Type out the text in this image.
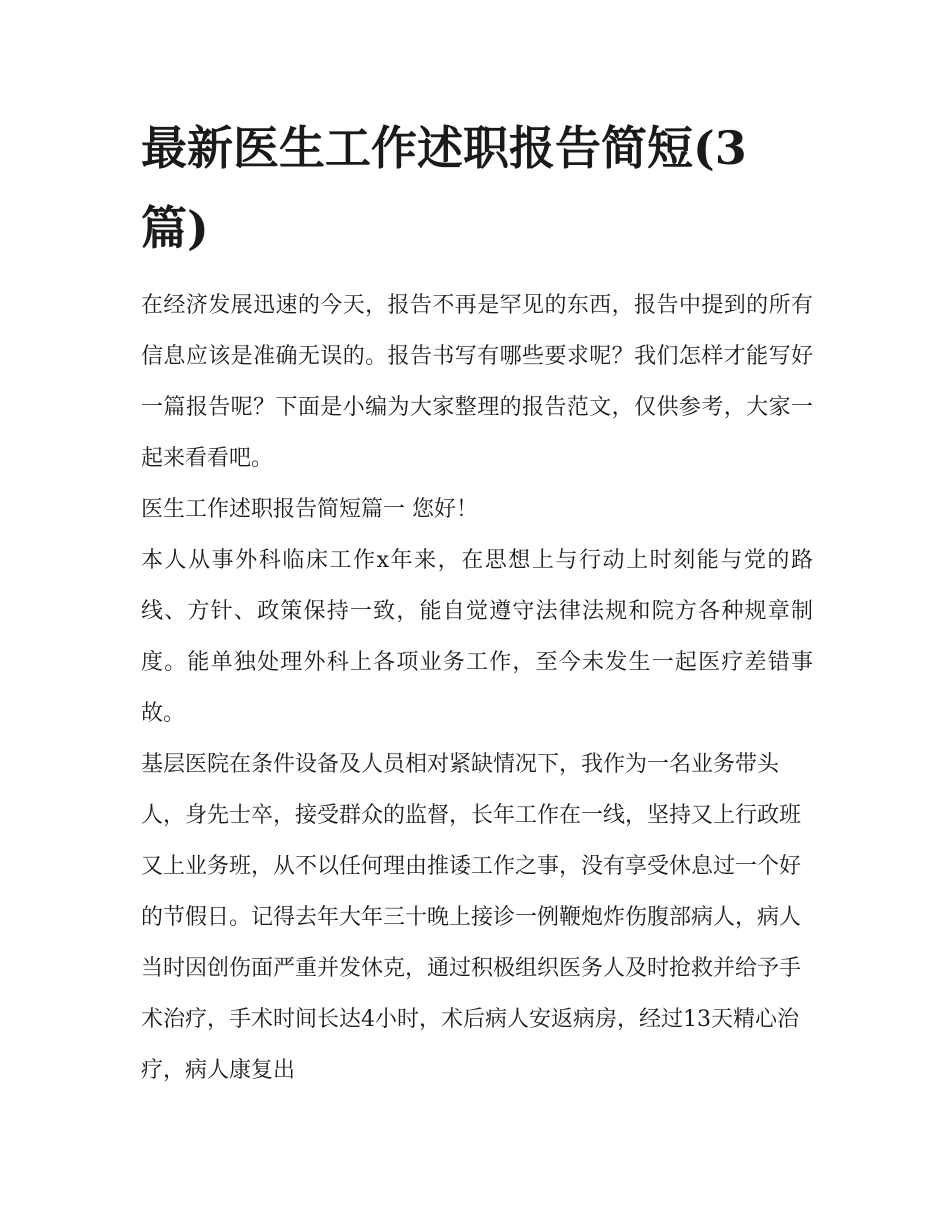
最新医生工作述职报告简短(3篇)

在经济发展迅速的今天，报告不再是罕见的东西，报告中提到的所有信息应该是准确无误的。报告书写有哪些要求呢？我们怎样才能写好一篇报告呢？下面是小编为大家整理的报告范文，仅供参考，大家一起来看看吧。

医生工作述职报告简短篇一 您好！

本人从事外科临床工作x年来，在思想上与行动上时刻能与党的路线、方针、政策保持一致，能自觉遵守法律法规和院方各种规章制度。能单独处理外科上各项业务工作，至今未发生一起医疗差错事故。

基层医院在条件设备及人员相对紧缺情况下，我作为一名业务带头人，身先士卒，接受群众的监督，长年工作在一线，坚持又上行政班又上业务班，从不以任何理由推诿工作之事，没有享受休息过一个好的节假日。记得去年大年三十晚上接诊一例鞭炮炸伤腹部病人，病人当时因创伤面严重并发休克，通过积极组织医务人及时抢救并给予手术治疗，手术时间长达4小时，术后病人安返病房，经过13天精心治疗，病人康复出
